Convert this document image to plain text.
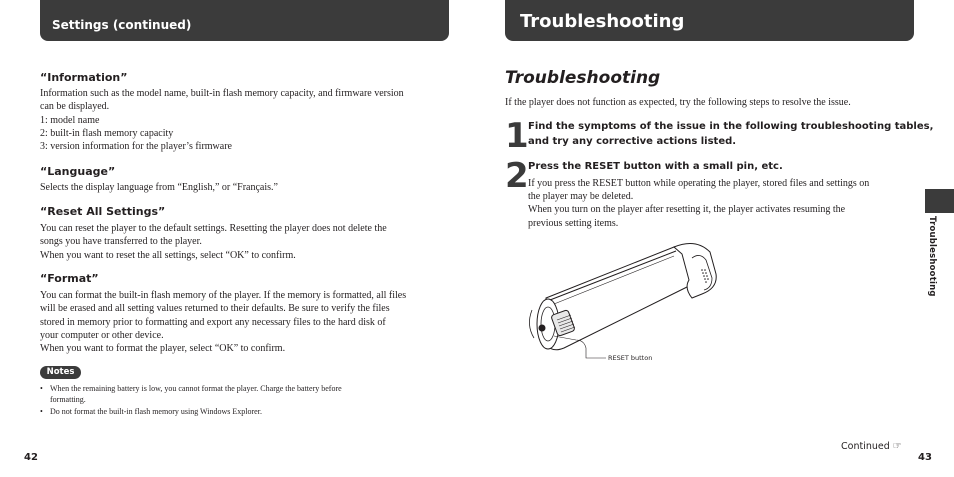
Settings (continued)
“Information”
Information such as the model name, built-in flash memory capacity, and firmware version
can be displayed.
1: model name
2: built-in flash memory capacity
3: version information for the player’s firmware
“Language”
Selects the display language from “English,” or “Français.”
“Reset All Settings”
You can reset the player to the default settings. Resetting the player does not delete the
songs you have transferred to the player.
When you want to reset the all settings, select “OK” to confirm.
“Format”
You can format the built-in flash memory of the player. If the memory is formatted, all files
will be erased and all setting values returned to their defaults. Be sure to verify the files
stored in memory prior to formatting and export any necessary files to the hard disk of
your computer or other device.
When you want to format the player, select “OK” to confirm.
Notes
• When the remaining battery is low, you cannot format the player. Charge the battery before
formatting.
• Do not format the built-in flash memory using Windows Explorer.
42
Troubleshooting
Troubleshooting
If the player does not function as expected, try the following steps to resolve the issue.
1 Find the symptoms of the issue in the following troubleshooting tables,
and try any corrective actions listed.
2 Press the RESET button with a small pin, etc.
If you press the RESET button while operating the player, stored files and settings on
the player may be deleted.
When you turn on the player after resetting it, the player activates resuming the
previous setting items.
RESET button
Troubleshooting
Continued ☞
43
